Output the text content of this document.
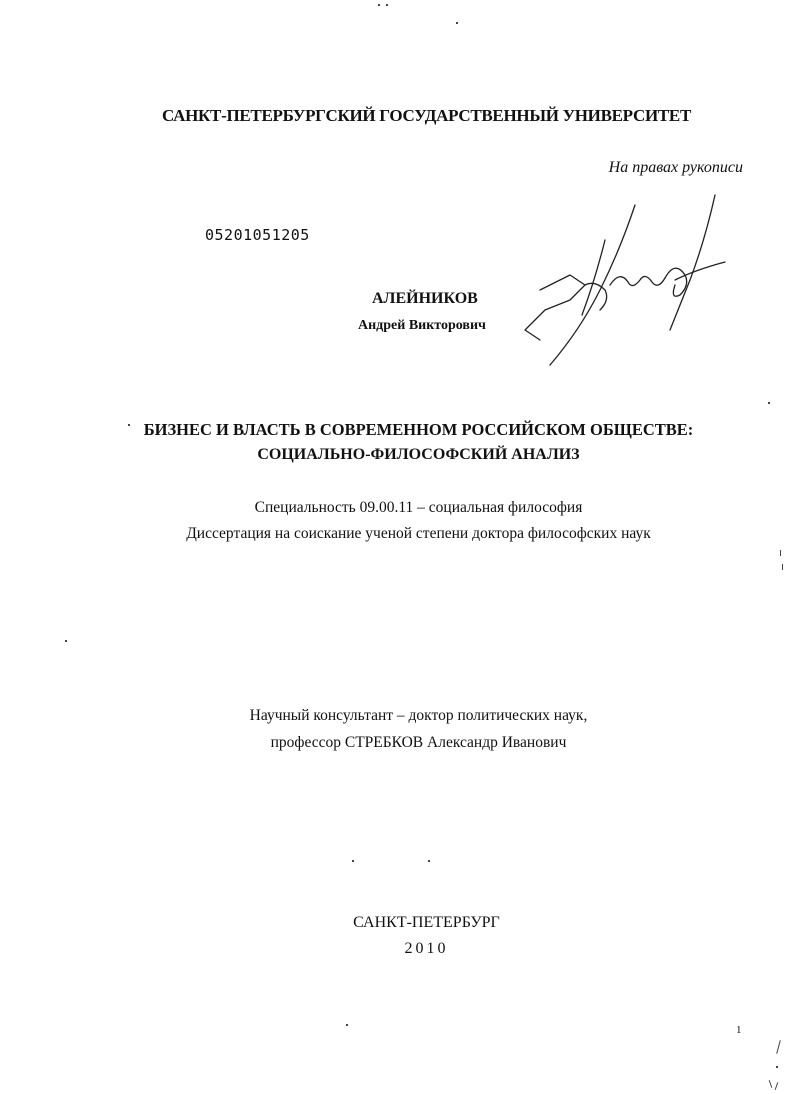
САНКТ-ПЕТЕРБУРГСКИЙ ГОСУДАРСТВЕННЫЙ УНИВЕРСИТЕТ
На правах рукописи
05201051205
АЛЕЙНИКОВ
Андрей Викторович
БИЗНЕС И ВЛАСТЬ В СОВРЕМЕННОМ РОССИЙСКОМ ОБЩЕСТВЕ:
СОЦИАЛЬНО-ФИЛОСОФСКИЙ АНАЛИЗ
Специальность 09.00.11 – социальная философия
Диссертация на соискание ученой степени доктора философских наук
Научный консультант – доктор политических наук,
профессор СТРЕБКОВ Александр Иванович
САНКТ-ПЕТЕРБУРГ
2010
1
